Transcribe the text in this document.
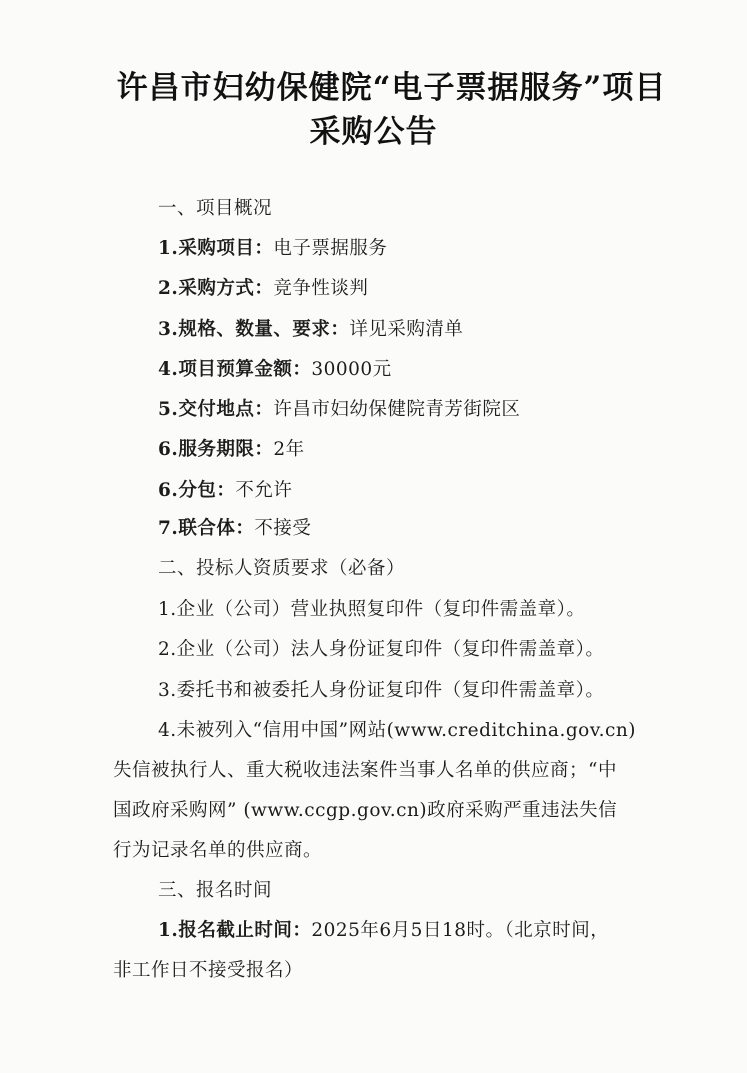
许昌市妇幼保健院“电子票据服务”项目
采购公告
一、项目概况
1.采购项目：电子票据服务
2.采购方式：竞争性谈判
3.规格、数量、要求：详见采购清单
4.项目预算金额：30000元
5.交付地点：许昌市妇幼保健院青芳街院区
6.服务期限：2年
6.分包：不允许
7.联合体：不接受
二、投标人资质要求（必备）
1.企业（公司）营业执照复印件（复印件需盖章）。
2.企业（公司）法人身份证复印件（复印件需盖章）。
3.委托书和被委托人身份证复印件（复印件需盖章）。
4.未被列入“信用中国”网站(www.creditchina.gov.cn)
失信被执行人、重大税收违法案件当事人名单的供应商；“中
国政府采购网” (www.ccgp.gov.cn)政府采购严重违法失信
行为记录名单的供应商。
三、报名时间
1.报名截止时间：2025年6月5日18时。（北京时间，
非工作日不接受报名）
